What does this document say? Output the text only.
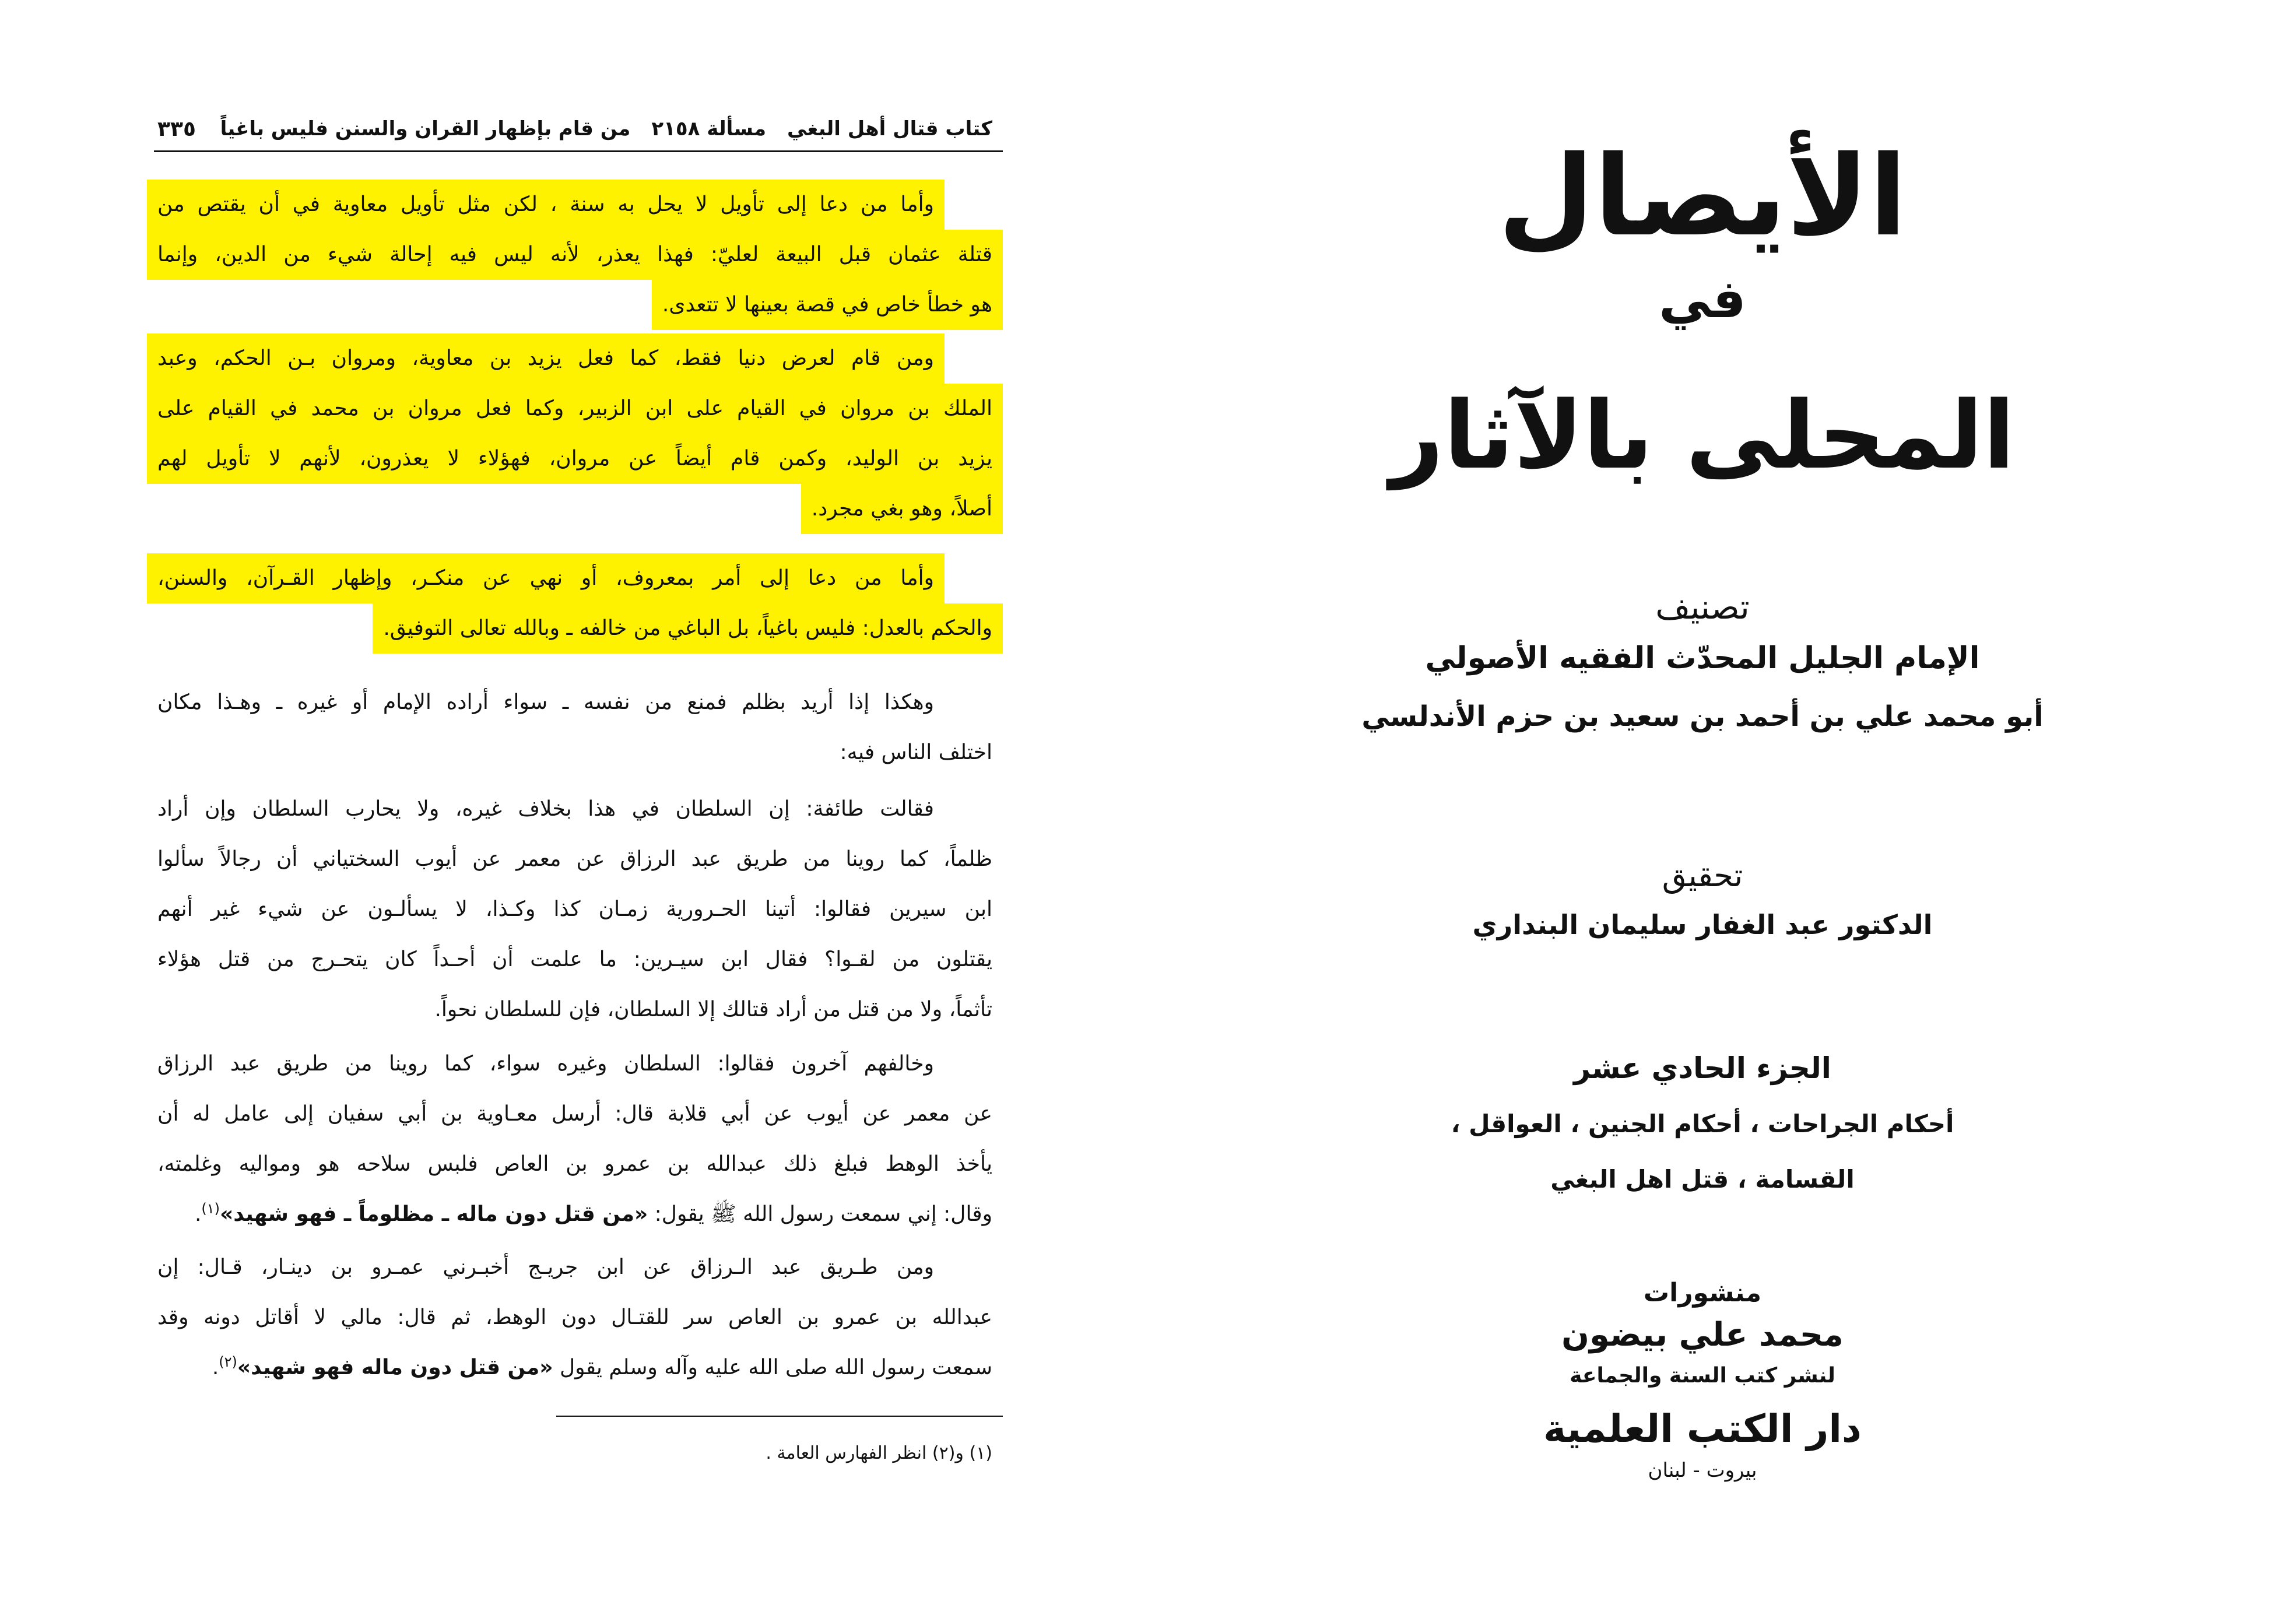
كتاب قتال أهل البغي
مسألة ٢١٥٨
من قام بإظهار القران والسنن فليس باغياً
٣٣٥
وأما من دعا إلى تأويل لا يحل به سنة ، لكن مثل تأويل معاوية في أن يقتص من
قتلة عثمان قبل البيعة لعليّ: فهذا يعذر، لأنه ليس فيه إحالة شيء من الدين، وإنما
هو خطأ خاص في قصة بعينها لا تتعدى.
ومن قام لعرض دنيا فقط، كما فعل يزيد بن معاوية، ومروان بـن الحكم، وعبد
الملك بن مروان في القيام على ابن الزبير، وكما فعل مروان بن محمد في القيام على
يزيد بن الوليد، وكمن قام أيضاً عن مروان، فهؤلاء لا يعذرون، لأنهم لا تأويل لهم
أصلاً، وهو بغي مجرد.
وأما من دعا إلى أمر بمعروف، أو نهي عن منكـر، وإظهار القـرآن، والسنن،
والحكم بالعدل: فليس باغياً، بل الباغي من خالفه ـ وبالله تعالى التوفيق.
وهكذا إذا أريد بظلم فمنع من نفسه ـ سواء أراده الإمام أو غيره ـ وهـذا مكان
اختلف الناس فيه:
فقالت طائفة: إن السلطان في هذا بخلاف غيره، ولا يحارب السلطان وإن أراد
ظلماً، كما روينا من طريق عبد الرزاق عن معمر عن أيوب السختياني أن رجالاً سألوا
ابن سيرين فقالوا: أتينا الحـرورية زمـان كذا وكـذا، لا يسألـون عن شيء غير أنهم
يقتلون من لقـوا؟ فقال ابن سيـرين: ما علمت أن أحـداً كان يتحـرج من قتل هؤلاء
تأثماً، ولا من قتل من أراد قتالك إلا السلطان، فإن للسلطان نحواً.
وخالفهم آخرون فقالوا: السلطان وغيره سواء، كما روينا من طريق عبد الرزاق
عن معمر عن أيوب عن أبي قلابة قال: أرسل معـاوية بن أبي سفيان إلى عامل له أن
يأخذ الوهط فبلغ ذلك عبدالله بن عمرو بن العاص فلبس سلاحه هو ومواليه وغلمته،
وقال: إني سمعت رسول الله ﷺ يقول: «من قتل دون ماله ـ مظلوماً ـ فهو شهيد»$^{(١)}$.
ومن طـريق عبد الـرزاق عن ابن جريـج أخبـرني عمـرو بن دينـار، قـال: إن
عبدالله بن عمرو بن العاص سر للقتـال دون الوهط، ثم قال: مالي لا أقاتل دونه وقد
سمعت رسول الله صلى الله عليه وآله وسلم يقول «من قتل دون ماله فهو شهيد»$^{(٢)}$.
(١) و(٢) انظر الفهارس العامة .
الأيصال
في
المحلى بالآثار
تصنيف
الإمام الجليل المحدّث الفقيه الأصولي
أبو محمد علي بن أحمد بن سعيد بن حزم الأندلسي
تحقيق
الدكتور عبد الغفار سليمان البنداري
الجزء الحادي عشر
أحكام الجراحات ، أحكام الجنين ، العواقل ،
القسامة ، قتل اهل البغي
منشورات
محمد علي بيضون
لنشر كتب السنة والجماعة
دار الكتب العلمية
بيروت - لبنان
